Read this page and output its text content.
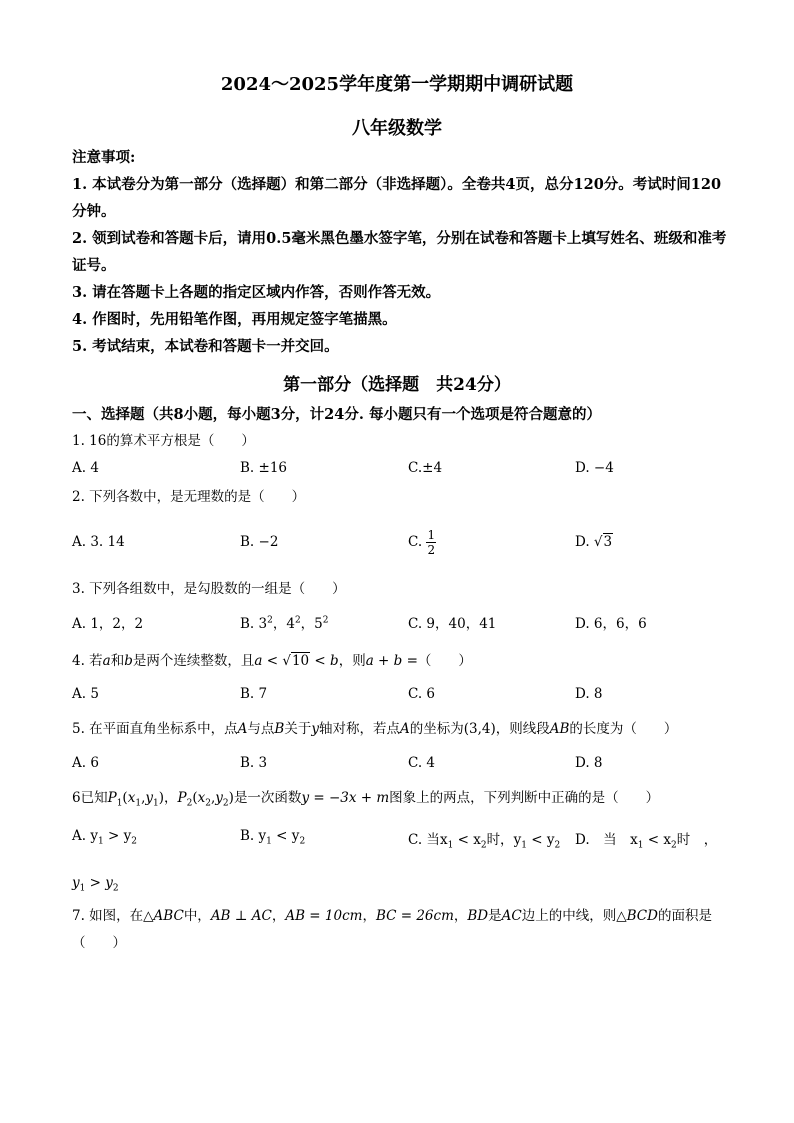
2024～2025学年度第一学期期中调研试题
八年级数学

注意事项:

1. 本试卷分为第一部分（选择题）和第二部分（非选择题）。全卷共4页，总分120分。考试时间120分钟。

2. 领到试卷和答题卡后，请用0.5毫米黑色墨水签字笔，分别在试卷和答题卡上填写姓名、班级和准考证号。

3. 请在答题卡上各题的指定区域内作答，否则作答无效。

4. 作图时，先用铅笔作图，再用规定签字笔描黑。

5. 考试结束，本试卷和答题卡一并交回。

第一部分（选择题　共24分）
一、选择题（共8小题，每小题3分，计24分. 每小题只有一个选项是符合题意的）
1. 16的算术平方根是（　　）
A. 4	B. ±16	C.±4	D. −4
2. 下列各数中，是无理数的是（　　）
A. 3. 14	B. −2	C. $\frac{1}{2}$	D. √3
3. 下列各组数中，是勾股数的一组是（　　）
A. 1，2，2	B. $3^2$，$4^2$，$5^2$	C. 9，40，41	D. 6，6，6
4. 若a和b是两个连续整数，且a < √10 < b，则a + b =（　　）
A. 5	B. 7	C. 6	D. 8
5. 在平面直角坐标系中，点A与点B关于y轴对称，若点A的坐标为(3,4)，则线段AB的长度为（　　）
A. 6	B. 3	C. 4	D. 8
6已知$P_1(x_1,y_1)$，$P_2(x_2,y_2)$是一次函数y = −3x + m图象上的两点，下列判断中正确的是（　　）
A. $y_1 > y_2$	B. $y_1 < y_2$	C. 当$x_1 < x_2$时，$y_1 < y_2$ D.　当　 $x_1 < x_2$时　，
$y_1 > y_2$
7. 如图，在△ABC中，AB ⊥ AC，AB = 10cm，BC = 26cm，BD是AC边上的中线，则△BCD的面积是（　　）
